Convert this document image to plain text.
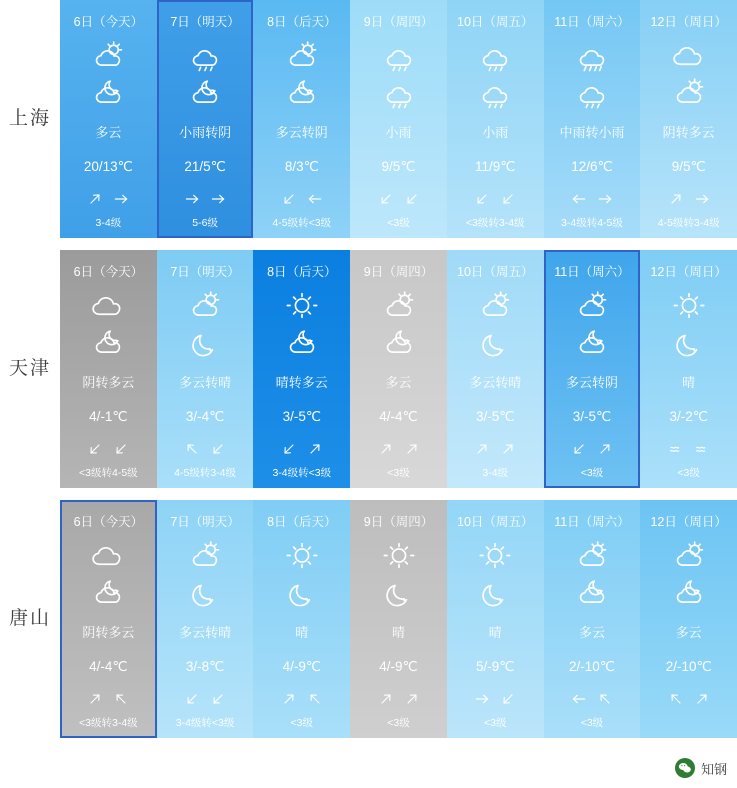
上海
6日（今天）
多云
20/13℃
3-4级
7日（明天）
小雨转阴
21/5℃
5-6级
8日（后天）
多云转阴
8/3℃
4-5级转<3级
9日（周四）
小雨
9/5℃
<3级
10日（周五）
小雨
11/9℃
<3级转3-4级
11日（周六）
中雨转小雨
12/6℃
3-4级转4-5级
12日（周日）
阴转多云
9/5℃
4-5级转3-4级
天津
6日（今天）
阴转多云
4/-1℃
<3级转4-5级
7日（明天）
多云转晴
3/-4℃
4-5级转3-4级
8日（后天）
晴转多云
3/-5℃
3-4级转<3级
9日（周四）
多云
4/-4℃
<3级
10日（周五）
多云转晴
3/-5℃
3-4级
11日（周六）
多云转阴
3/-5℃
<3级
12日（周日）
晴
3/-2℃
<3级
唐山
6日（今天）
阴转多云
4/-4℃
<3级转3-4级
7日（明天）
多云转晴
3/-8℃
3-4级转<3级
8日（后天）
晴
4/-9℃
<3级
9日（周四）
晴
4/-9℃
<3级
10日（周五）
晴
5/-9℃
<3级
11日（周六）
多云
2/-10℃
<3级
12日（周日）
多云
2/-10℃
知钢
